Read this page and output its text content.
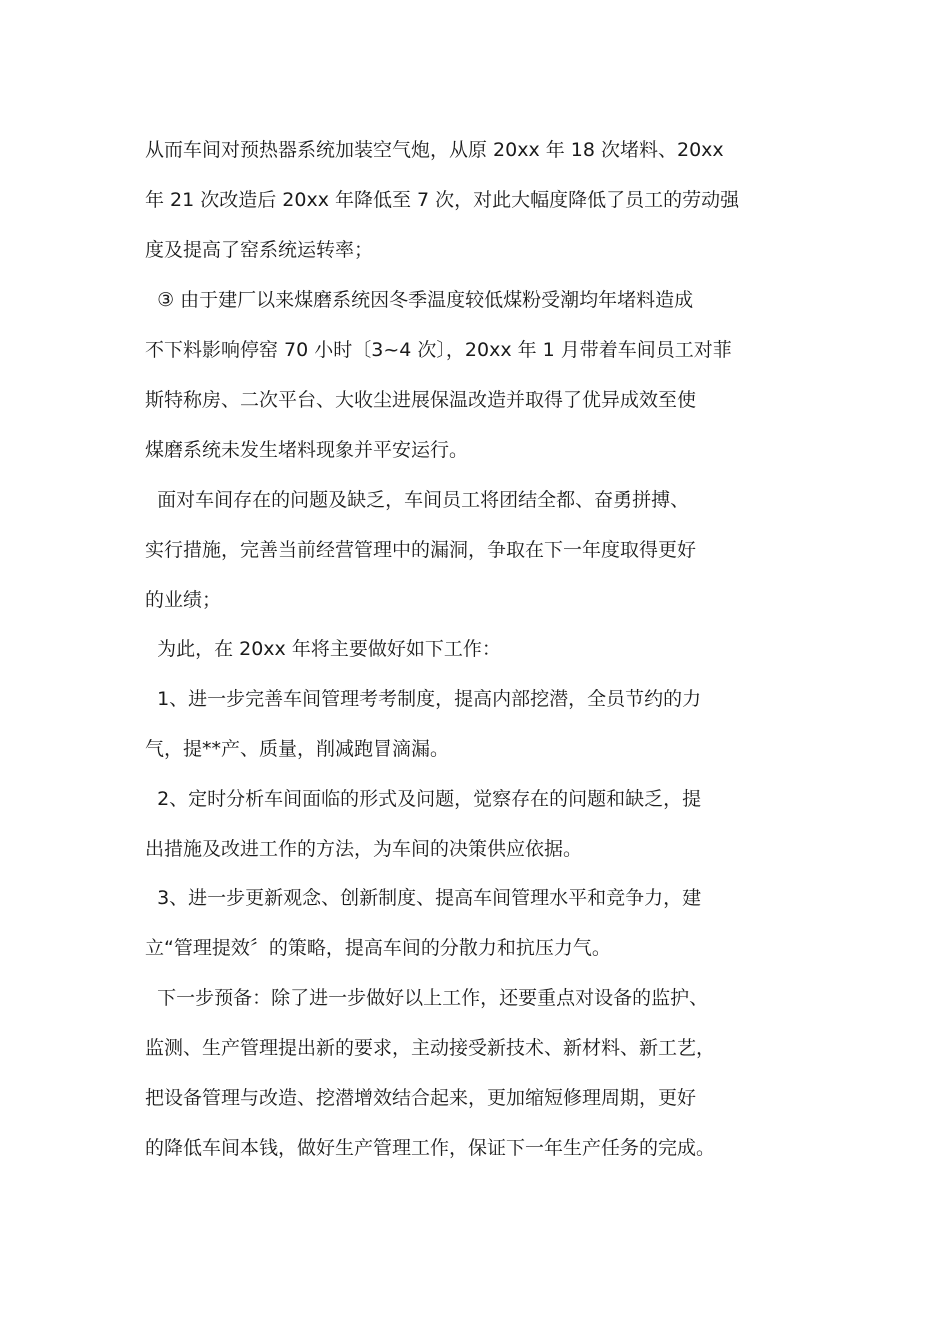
从而车间对预热器系统加装空气炮，从原 20xx 年 18 次堵料、20xx
年 21 次改造后 20xx 年降低至 7 次，对此大幅度降低了员工的劳动强
度及提高了窑系统运转率；
③ 由于建厂以来煤磨系统因冬季温度较低煤粉受潮均年堵料造成
不下料影响停窑 70 小时〔3~4 次〕，20xx 年 1 月带着车间员工对菲
斯特称房、二次平台、大收尘进展保温改造并取得了优异成效至使
煤磨系统未发生堵料现象并平安运行。
面对车间存在的问题及缺乏，车间员工将团结全都、奋勇拼搏、
实行措施，完善当前经营管理中的漏洞，争取在下一年度取得更好
的业绩；
为此，在 20xx 年将主要做好如下工作：
1、进一步完善车间管理考考制度，提高内部挖潜，全员节约的力
气，提**产、质量，削减跑冒滴漏。
2、定时分析车间面临的形式及问题，觉察存在的问题和缺乏，提
出措施及改进工作的方法，为车间的决策供应依据。
3、进一步更新观念、创新制度、提高车间管理水平和竞争力，建
立“管理提效〞的策略，提高车间的分散力和抗压力气。
下一步预备：除了进一步做好以上工作，还要重点对设备的监护、
监测、生产管理提出新的要求，主动接受新技术、新材料、新工艺，
把设备管理与改造、挖潜增效结合起来，更加缩短修理周期，更好
的降低车间本钱，做好生产管理工作，保证下一年生产任务的完成。
